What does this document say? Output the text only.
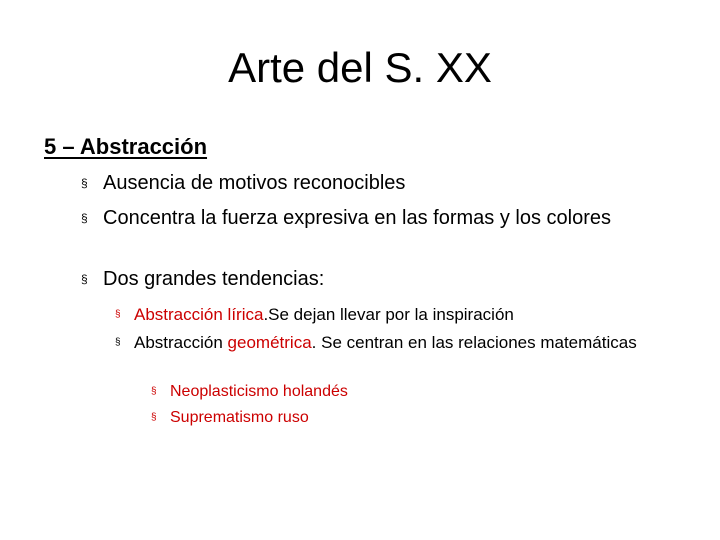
Arte del S. XX
5 – Abstracción
§ Ausencia de motivos reconocibles
§ Concentra la fuerza expresiva en las formas y los colores
§ Dos grandes tendencias:
§ Abstracción lírica.Se dejan llevar por la inspiración
§ Abstracción geométrica. Se centran en las relaciones matemáticas
§ Neoplasticismo holandés
§ Suprematismo ruso
